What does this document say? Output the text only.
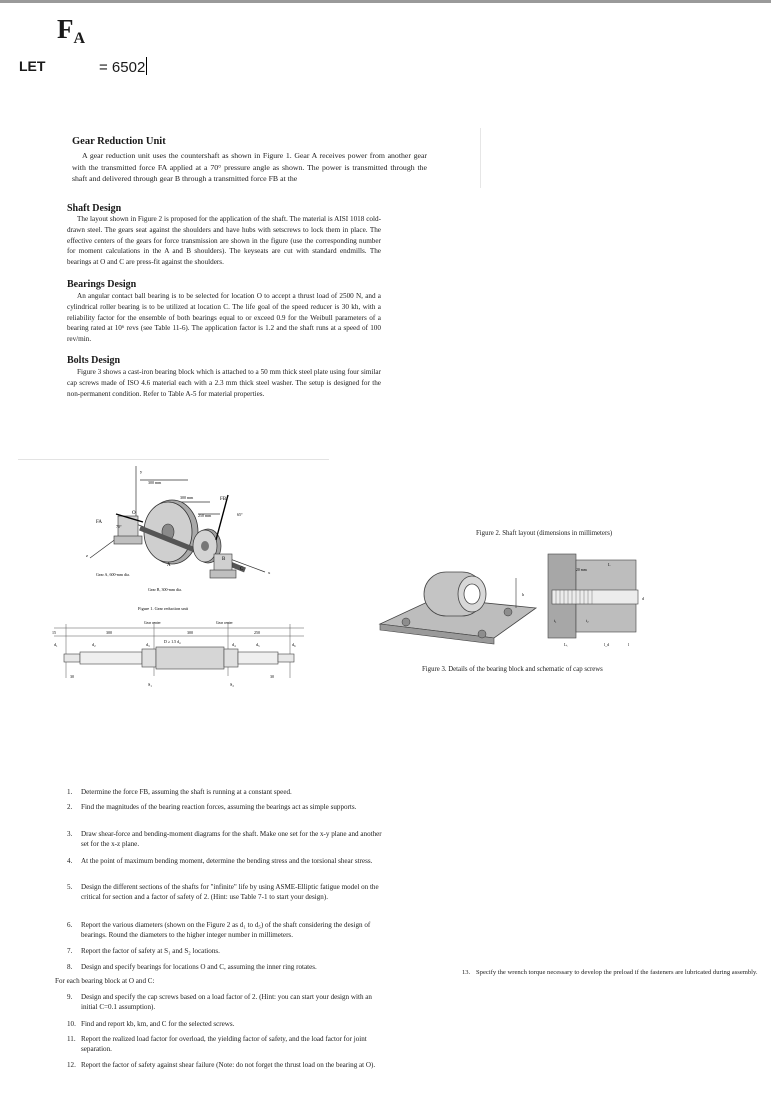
$F_A$
LET	= 6502
Gear Reduction Unit
A gear reduction unit uses the countershaft as shown in Figure 1. Gear A receives power from another gear with the transmitted force FA applied at a 70° pressure angle as shown. The power is transmitted through the shaft and delivered through gear B through a transmitted force FB at the
Shaft Design
The layout shown in Figure 2 is proposed for the application of the shaft. The material is AISI 1018 cold-drawn steel. The gears seat against the shoulders and have hubs with setscrews to lock them in place. The effective centers of the gears for force transmission are shown in the figure (use the corresponding number for moment calculations in the A and B shoulders). The keyseats are cut with standard endmills. The bearings at O and C are press-fit against the shoulders.
Bearings Design
An angular contact ball bearing is to be selected for location O to accept a thrust load of 2500 N, and a cylindrical roller bearing is to be utilized at location C. The life goal of the speed reducer is 30 kh, with a reliability factor for the ensemble of both bearings equal to or exceed 0.9 for the Weibull parameters of a bearing rated at 10⁶ revs (see Table 11-6). The application factor is 1.2 and the shaft runs at a speed of 100 rev/min.
Bolts Design
Figure 3 shows a cast-iron bearing block which is attached to a 50 mm thick steel plate using four similar cap screws made of ISO 4.6 material each with a 2.3 mm thick steel washer. The setup is designed for the non-permanent condition. Refer to Table A-5 for material properties.
y
300 mm
300 mm
250 mm	65°
70°
FA
FB
O
A
B
C
x
z
Gear A, 600-mm dia.
Gear B, 300-mm dia.
Figure 1. Gear reduction unit
Gear center	Gear center
15	300	300	250
D ≥ 1.5 d₄
d₁	d₂	d₃	d₄	d₅	d₆
30	30
S₁	S₂
Figure 2. Shaft layout (dimensions in millimeters)
h
20 mm
t₁	t₂
L
Lₜ	l_d	l
d
Figure 3. Details of the bearing block and schematic of cap screws
1. Determine the force FB, assuming the shaft is running at a constant speed.
2. Find the magnitudes of the bearing reaction forces, assuming the bearings act as simple supports.
3. Draw shear-force and bending-moment diagrams for the shaft. Make one set for the x-y plane and another set for the x-z plane.
4. At the point of maximum bending moment, determine the bending stress and the torsional shear stress.
5. Design the different sections of the shafts for "infinite" life by using ASME-Elliptic fatigue model on the critical for section and a factor of safety of 2. (Hint: use Table 7-1 to start your design).
6. Report the various diameters (shown on the Figure 2 as d₁ to d₅) of the shaft considering the design of bearings. Round the diameters to the higher integer number in millimeters.
7. Report the factor of safety at S₁ and S₂ locations.
8. Design and specify bearings for locations O and C, assuming the inner ring rotates.
For each bearing block at O and C:
9. Design and specify the cap screws based on a load factor of 2. (Hint: you can start your design with an initial C=0.1 assumption).
10. Find and report kb, km, and C for the selected screws.
11. Report the realized load factor for overload, the yielding factor of safety, and the load factor for joint separation.
12. Report the factor of safety against shear failure (Note: do not forget the thrust load on the bearing at O).
13. Specify the wrench torque necessary to develop the preload if the fasteners are lubricated during assembly.
